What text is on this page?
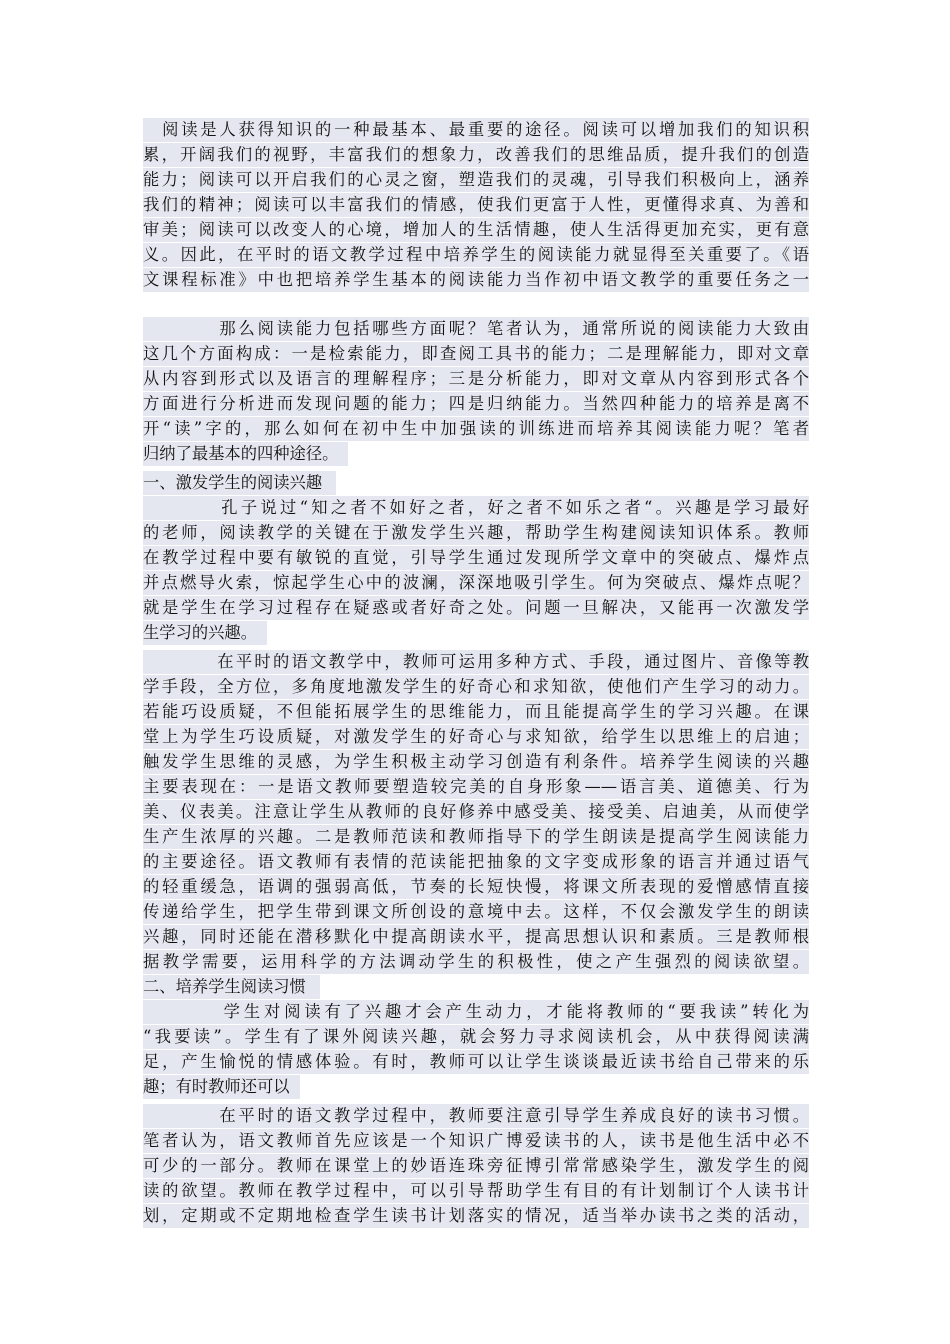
　阅读是人获得知识的一种最基本、最重要的途径。阅读可以增加我们的知识积
累，开阔我们的视野，丰富我们的想象力，改善我们的思维品质，提升我们的创造
能力；阅读可以开启我们的心灵之窗，塑造我们的灵魂，引导我们积极向上，涵养
我们的精神；阅读可以丰富我们的情感，使我们更富于人性，更懂得求真、为善和
审美；阅读可以改变人的心境，增加人的生活情趣，使人生活得更加充实，更有意
义。因此，在平时的语文教学过程中培养学生的阅读能力就显得至关重要了。《语
文课程标准》中也把培养学生基本的阅读能力当作初中语文教学的重要任务之一
　　　　那么阅读能力包括哪些方面呢？笔者认为，通常所说的阅读能力大致由
这几个方面构成：一是检索能力，即查阅工具书的能力；二是理解能力，即对文章
从内容到形式以及语言的理解程序；三是分析能力，即对文章从内容到形式各个
方面进行分析进而发现问题的能力；四是归纳能力。当然四种能力的培养是离不
开“读”字的，那么如何在初中生中加强读的训练进而培养其阅读能力呢？笔者
归纳了最基本的四种途径。
一、激发学生的阅读兴趣
　　　　孔子说过“知之者不如好之者，好之者不如乐之者“。兴趣是学习最好
的老师，阅读教学的关键在于激发学生兴趣，帮助学生构建阅读知识体系。教师
在教学过程中要有敏锐的直觉，引导学生通过发现所学文章中的突破点、爆炸点
并点燃导火索，惊起学生心中的波澜，深深地吸引学生。何为突破点、爆炸点呢？
就是学生在学习过程存在疑惑或者好奇之处。问题一旦解决，又能再一次激发学
生学习的兴趣。
　　　　在平时的语文教学中，教师可运用多种方式、手段，通过图片、音像等教
学手段，全方位，多角度地激发学生的好奇心和求知欲，使他们产生学习的动力。
若能巧设质疑，不但能拓展学生的思维能力，而且能提高学生的学习兴趣。在课
堂上为学生巧设质疑，对激发学生的好奇心与求知欲，给学生以思维上的启迪；
触发学生思维的灵感，为学生积极主动学习创造有利条件。培养学生阅读的兴趣
主要表现在：一是语文教师要塑造较完美的自身形象——语言美、道德美、行为
美、仪表美。注意让学生从教师的良好修养中感受美、接受美、启迪美，从而使学
生产生浓厚的兴趣。二是教师范读和教师指导下的学生朗读是提高学生阅读能力
的主要途径。语文教师有表情的范读能把抽象的文字变成形象的语言并通过语气
的轻重缓急，语调的强弱高低，节奏的长短快慢，将课文所表现的爱憎感情直接
传递给学生，把学生带到课文所创设的意境中去。这样，不仅会激发学生的朗读
兴趣，同时还能在潜移默化中提高朗读水平，提高思想认识和素质。三是教师根
据教学需要，运用科学的方法调动学生的积极性，使之产生强烈的阅读欲望。
二、培养学生阅读习惯
　　　　学生对阅读有了兴趣才会产生动力，才能将教师的“要我读”转化为
“我要读”。学生有了课外阅读兴趣，就会努力寻求阅读机会，从中获得阅读满
足，产生愉悦的情感体验。有时，教师可以让学生谈谈最近读书给自己带来的乐
趣；有时教师还可以
　　　　在平时的语文教学过程中，教师要注意引导学生养成良好的读书习惯。
笔者认为，语文教师首先应该是一个知识广博爱读书的人，读书是他生活中必不
可少的一部分。教师在课堂上的妙语连珠旁征博引常常感染学生，激发学生的阅
读的欲望。教师在教学过程中，可以引导帮助学生有目的有计划制订个人读书计
划，定期或不定期地检查学生读书计划落实的情况，适当举办读书之类的活动，
